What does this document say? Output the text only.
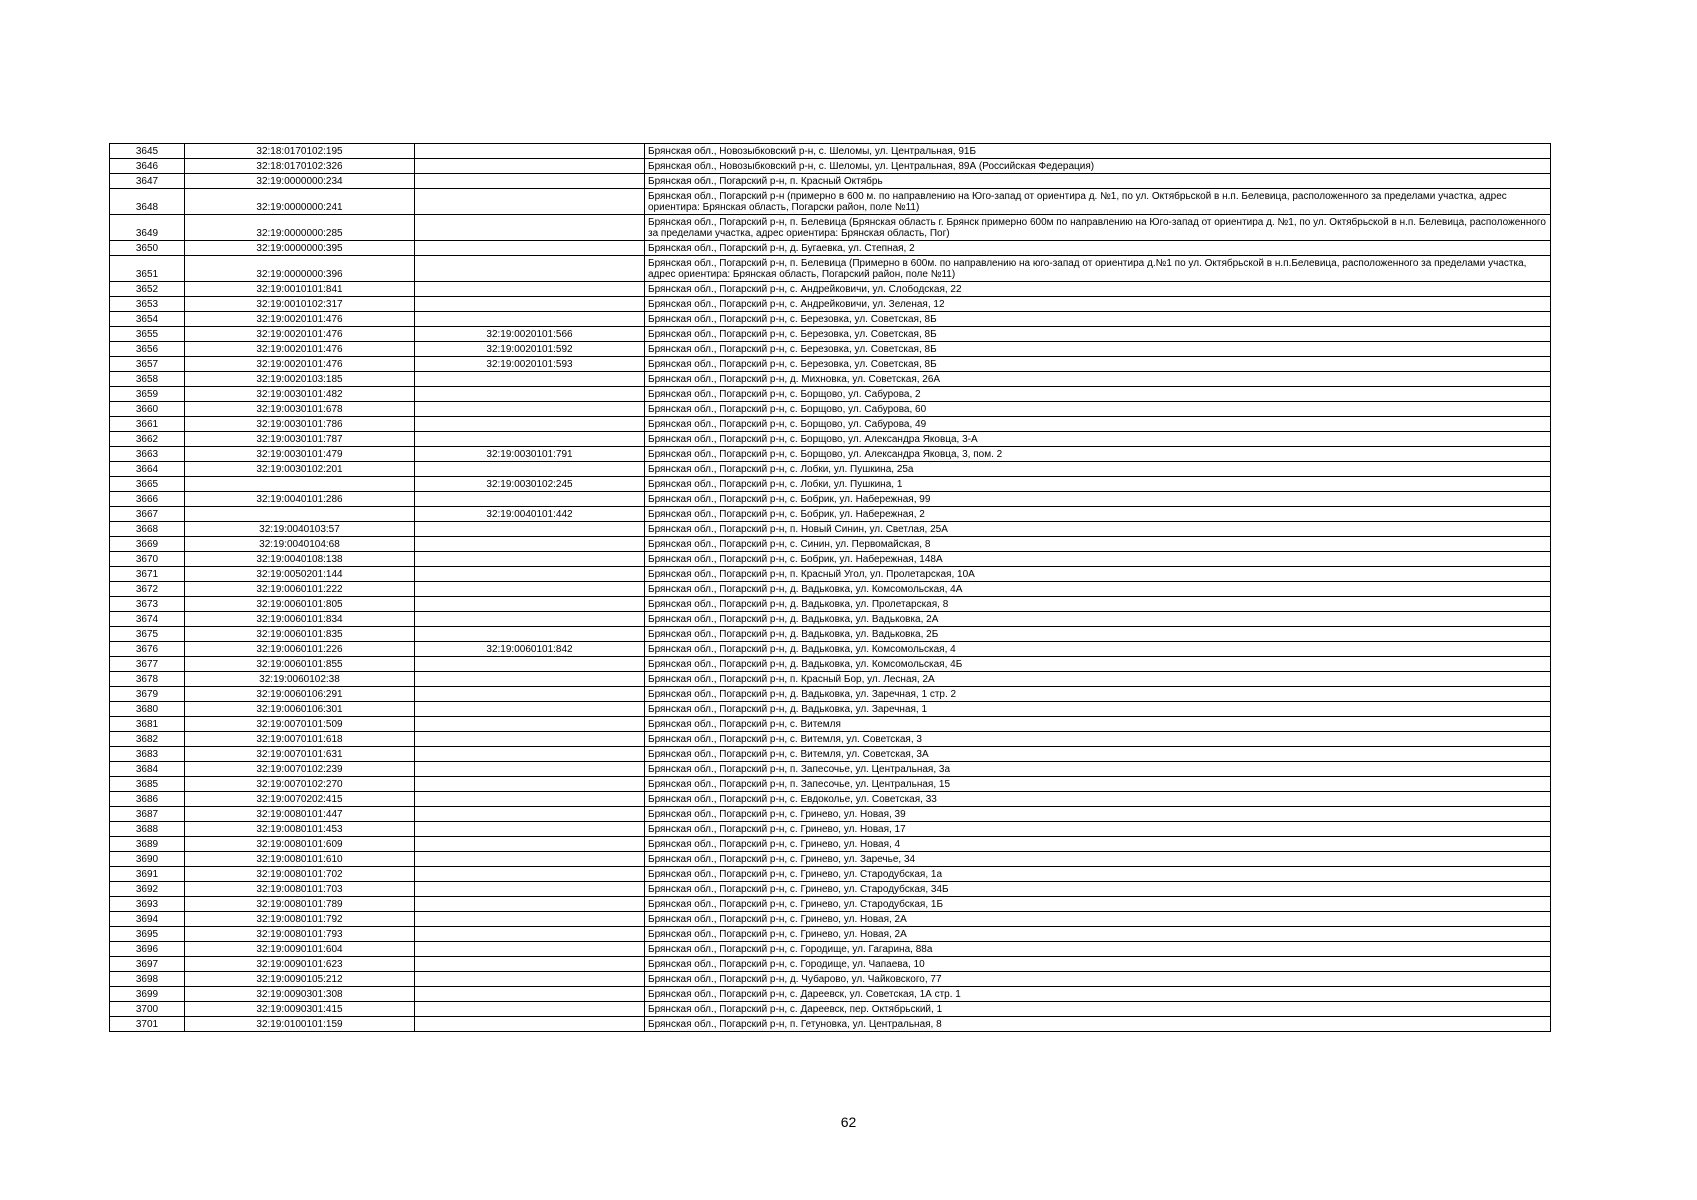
3645	32:18:0170102:195		Брянская обл., Новозыбковский р-н, с. Шеломы, ул. Центральная, 91Б
3646	32:18:0170102:326		Брянская обл., Новозыбковский р-н, с. Шеломы, ул. Центральная, 89А (Российская Федерация)
3647	32:19:0000000:234		Брянская обл., Погарский р-н, п. Красный Октябрь
3648	32:19:0000000:241		Брянская обл., Погарский р-н (примерно в 600 м. по направлению на Юго-запад от ориентира д. №1, по ул. Октябрьской в н.п. Белевица, расположенного за пределами участка, адрес ориентира: Брянская область, Погарски район, поле №11)
3649	32:19:0000000:285		Брянская обл., Погарский р-н, п. Белевица (Брянская область г. Брянск примерно 600м по направлению на Юго-запад от ориентира д. №1, по ул. Октябрьской в н.п. Белевица, расположенного за пределами участка, адрес ориентира: Брянская область, Пог)
3650	32:19:0000000:395		Брянская обл., Погарский р-н, д. Бугаевка, ул. Степная, 2
3651	32:19:0000000:396		Брянская обл., Погарский р-н, п. Белевица (Примерно в 600м. по направлению на юго-запад от ориентира д.№1 по ул. Октябрьской в н.п.Белевица, расположенного за пределами участка, адрес ориентира: Брянская область, Погарский район, поле №11)
3652	32:19:0010101:841		Брянская обл., Погарский р-н, с. Андрейковичи, ул. Слободская, 22
3653	32:19:0010102:317		Брянская обл., Погарский р-н, с. Андрейковичи, ул. Зеленая, 12
3654	32:19:0020101:476		Брянская обл., Погарский р-н, с. Березовка, ул. Советская, 8Б
3655	32:19:0020101:476	32:19:0020101:566	Брянская обл., Погарский р-н, с. Березовка, ул. Советская, 8Б
3656	32:19:0020101:476	32:19:0020101:592	Брянская обл., Погарский р-н, с. Березовка, ул. Советская, 8Б
3657	32:19:0020101:476	32:19:0020101:593	Брянская обл., Погарский р-н, с. Березовка, ул. Советская, 8Б
3658	32:19:0020103:185		Брянская обл., Погарский р-н, д. Михновка, ул. Советская, 26А
3659	32:19:0030101:482		Брянская обл., Погарский р-н, с. Борщово, ул. Сабурова, 2
3660	32:19:0030101:678		Брянская обл., Погарский р-н, с. Борщово, ул. Сабурова, 60
3661	32:19:0030101:786		Брянская обл., Погарский р-н, с. Борщово, ул. Сабурова, 49
3662	32:19:0030101:787		Брянская обл., Погарский р-н, с. Борщово, ул. Александра Яковца, 3-А
3663	32:19:0030101:479	32:19:0030101:791	Брянская обл., Погарский р-н, с. Борщово, ул. Александра Яковца, 3, пом. 2
3664	32:19:0030102:201		Брянская обл., Погарский р-н, с. Лобки, ул. Пушкина, 25а
3665		32:19:0030102:245	Брянская обл., Погарский р-н, с. Лобки, ул. Пушкина, 1
3666	32:19:0040101:286		Брянская обл., Погарский р-н, с. Бобрик, ул. Набережная, 99
3667		32:19:0040101:442	Брянская обл., Погарский р-н, с. Бобрик, ул. Набережная, 2
3668	32:19:0040103:57		Брянская обл., Погарский р-н, п. Новый Синин, ул. Светлая, 25А
3669	32:19:0040104:68		Брянская обл., Погарский р-н, с. Синин, ул. Первомайская, 8
3670	32:19:0040108:138		Брянская обл., Погарский р-н, с. Бобрик, ул. Набережная, 148А
3671	32:19:0050201:144		Брянская обл., Погарский р-н, п. Красный Угол, ул. Пролетарская, 10А
3672	32:19:0060101:222		Брянская обл., Погарский р-н, д. Вадьковка, ул. Комсомольская, 4А
3673	32:19:0060101:805		Брянская обл., Погарский р-н, д. Вадьковка, ул. Пролетарская, 8
3674	32:19:0060101:834		Брянская обл., Погарский р-н, д. Вадьковка, ул. Вадьковка, 2А
3675	32:19:0060101:835		Брянская обл., Погарский р-н, д. Вадьковка, ул. Вадьковка, 2Б
3676	32:19:0060101:226	32:19:0060101:842	Брянская обл., Погарский р-н, д. Вадьковка, ул. Комсомольская, 4
3677	32:19:0060101:855		Брянская обл., Погарский р-н, д. Вадьковка, ул. Комсомольская, 4Б
3678	32:19:0060102:38		Брянская обл., Погарский р-н, п. Красный Бор, ул. Лесная, 2А
3679	32:19:0060106:291		Брянская обл., Погарский р-н, д. Вадьковка, ул. Заречная, 1 стр. 2
3680	32:19:0060106:301		Брянская обл., Погарский р-н, д. Вадьковка, ул. Заречная, 1
3681	32:19:0070101:509		Брянская обл., Погарский р-н, с. Витемля
3682	32:19:0070101:618		Брянская обл., Погарский р-н, с. Витемля, ул. Советская, 3
3683	32:19:0070101:631		Брянская обл., Погарский р-н, с. Витемля, ул. Советская, 3А
3684	32:19:0070102:239		Брянская обл., Погарский р-н, п. Запесочье, ул. Центральная, 3а
3685	32:19:0070102:270		Брянская обл., Погарский р-н, п. Запесочье, ул. Центральная, 15
3686	32:19:0070202:415		Брянская обл., Погарский р-н, с. Евдоколье, ул. Советская, 33
3687	32:19:0080101:447		Брянская обл., Погарский р-н, с. Гринево, ул. Новая, 39
3688	32:19:0080101:453		Брянская обл., Погарский р-н, с. Гринево, ул. Новая, 17
3689	32:19:0080101:609		Брянская обл., Погарский р-н, с. Гринево, ул. Новая, 4
3690	32:19:0080101:610		Брянская обл., Погарский р-н, с. Гринево, ул. Заречье, 34
3691	32:19:0080101:702		Брянская обл., Погарский р-н, с. Гринево, ул. Стародубская, 1а
3692	32:19:0080101:703		Брянская обл., Погарский р-н, с. Гринево, ул. Стародубская, 34Б
3693	32:19:0080101:789		Брянская обл., Погарский р-н, с. Гринево, ул. Стародубская, 1Б
3694	32:19:0080101:792		Брянская обл., Погарский р-н, с. Гринево, ул. Новая, 2А
3695	32:19:0080101:793		Брянская обл., Погарский р-н, с. Гринево, ул. Новая, 2А
3696	32:19:0090101:604		Брянская обл., Погарский р-н, с. Городище, ул. Гагарина, 88а
3697	32:19:0090101:623		Брянская обл., Погарский р-н, с. Городище, ул. Чапаева, 10
3698	32:19:0090105:212		Брянская обл., Погарский р-н, д. Чубарово, ул. Чайковского, 77
3699	32:19:0090301:308		Брянская обл., Погарский р-н, с. Дареевск, ул. Советская, 1А стр. 1
3700	32:19:0090301:415		Брянская обл., Погарский р-н, с. Дареевск, пер. Октябрьский, 1
3701	32:19:0100101:159		Брянская обл., Погарский р-н, п. Гетуновка, ул. Центральная, 8
62
